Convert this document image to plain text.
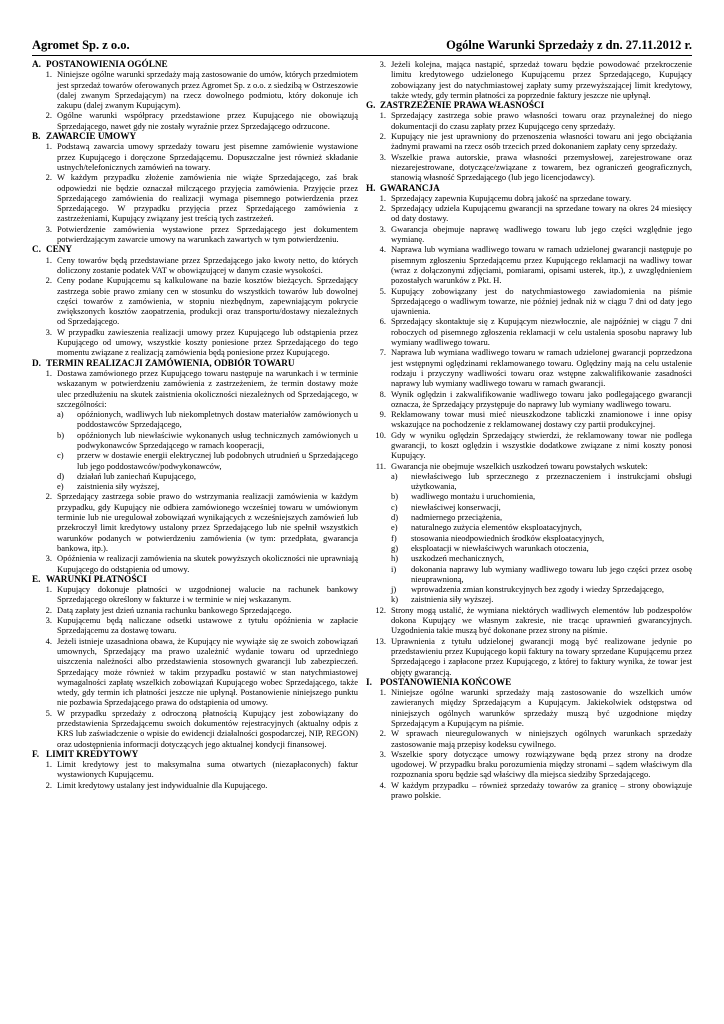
Agromet Sp. z o.o.	Ogólne Warunki Sprzedaży z dn. 27.11.2012 r.
A. POSTANOWIENIA OGÓLNE
1. Niniejsze ogólne warunki sprzedaży mają zastosowanie do umów, których przedmiotem jest sprzedaż towarów oferowanych przez Agromet Sp. z o.o. z siedzibą w Ostrzeszowie (dalej zwanym Sprzedającym) na rzecz dowolnego podmiotu, który dokonuje ich zakupu (dalej zwanym Kupującym).
2. Ogólne warunki współpracy przedstawione przez Kupującego nie obowiązują Sprzedającego, nawet gdy nie zostały wyraźnie przez Sprzedającego odrzucone.
B. ZAWARCIE UMOWY
1. Podstawą zawarcia umowy sprzedaży towaru jest pisemne zamówienie wystawione przez Kupującego i doręczone Sprzedającemu. Dopuszczalne jest również składanie ustnych/telefonicznych zamówień na towary.
2. W każdym przypadku złożenie zamówienia nie wiąże Sprzedającego, zaś brak odpowiedzi nie będzie oznaczał milczącego przyjęcia zamówienia. Przyjęcie przez Sprzedającego zamówienia do realizacji wymaga pisemnego potwierdzenia przez Sprzedającego. W przypadku przyjęcia przez Sprzedającego zamówienia z zastrzeżeniami, Kupujący związany jest treścią tych zastrzeżeń.
3. Potwierdzenie zamówienia wystawione przez Sprzedającego jest dokumentem potwierdzającym zawarcie umowy na warunkach zawartych w tym potwierdzeniu.
C. CENY
1. Ceny towarów będą przedstawiane przez Sprzedającego jako kwoty netto, do których doliczony zostanie podatek VAT w obowiązującej w danym czasie wysokości.
2. Ceny podane Kupującemu są kalkulowane na bazie kosztów bieżących. Sprzedający zastrzega sobie prawo zmiany cen w stosunku do wszystkich towarów lub dowolnej części towarów z zamówienia, w stopniu niezbędnym, zapewniającym pokrycie zwiększonych kosztów zaopatrzenia, produkcji oraz transportu/dostawy niezależnych od Sprzedającego.
3. W przypadku zawieszenia realizacji umowy przez Kupującego lub odstąpienia przez Kupującego od umowy, wszystkie koszty poniesione przez Sprzedającego do tego momentu związane z realizacją zamówienia będą poniesione przez Kupującego.
D. TERMIN REALIZACJI ZAMÓWIENIA, ODBIÓR TOWARU
1. Dostawa zamówionego przez Kupującego towaru następuje na warunkach i w terminie wskazanym w potwierdzeniu zamówienia z zastrzeżeniem, że termin dostawy może ulec przedłużeniu na skutek zaistnienia okoliczności niezależnych od Sprzedającego, w szczególności:
a)	opóźnionych, wadliwych lub niekompletnych dostaw materiałów zamówionych u poddostawców Sprzedającego,
b)	opóźnionych lub niewłaściwie wykonanych usług technicznych zamówionych u podwykonawców Sprzedającego w ramach kooperacji,
c)	przerw w dostawie energii elektrycznej lub podobnych utrudnień u Sprzedającego lub jego poddostawców/podwykonawców,
d)	działań lub zaniechań Kupującego,
e)	zaistnienia siły wyższej,
2. Sprzedający zastrzega sobie prawo do wstrzymania realizacji zamówienia w każdym przypadku, gdy Kupujący nie odbiera zamówionego wcześniej towaru w umówionym terminie lub nie uregulował zobowiązań wynikających z wcześniejszych zamówień lub przekroczył limit kredytowy ustalony przez Sprzedającego lub nie spełnił wszystkich warunków podanych w potwierdzeniu zamówienia (w tym: przedpłata, gwarancja bankowa, itp.).
3. Opóźnienia w realizacji zamówienia na skutek powyższych okoliczności nie uprawniają Kupującego do odstąpienia od umowy.
E. WARUNKI PŁATNOŚCI
1. Kupujący dokonuje płatności w uzgodnionej walucie na rachunek bankowy Sprzedającego określony w fakturze i w terminie w niej wskazanym.
2. Datą zapłaty jest dzień uznania rachunku bankowego Sprzedającego.
3. Kupującemu będą naliczane odsetki ustawowe z tytułu opóźnienia w zapłacie Sprzedającemu za dostawę towaru.
4. Jeżeli istnieje uzasadniona obawa, że Kupujący nie wywiąże się ze swoich zobowiązań umownych, Sprzedający ma prawo uzależnić wydanie towaru od uprzedniego uiszczenia należności albo przedstawienia stosownych gwarancji lub zabezpieczeń. Sprzedający może również w takim przypadku postawić w stan natychmiastowej wymagalności zapłatę wszelkich zobowiązań Kupującego wobec Sprzedającego, także wtedy, gdy termin ich płatności jeszcze nie upłynął. Postanowienie niniejszego punktu nie pozbawia Sprzedającego prawa do odstąpienia od umowy.
5. W przypadku sprzedaży z odroczoną płatnością Kupujący jest zobowiązany do przedstawienia Sprzedającemu swoich dokumentów rejestracyjnych (aktualny odpis z KRS lub zaświadczenie o wpisie do ewidencji działalności gospodarczej, NIP, REGON) oraz udostępnienia informacji dotyczących jego aktualnej kondycji finansowej.
F. LIMIT KREDYTOWY
1. Limit kredytowy jest to maksymalna suma otwartych (niezapłaconych) faktur wystawionych Kupującemu.
2. Limit kredytowy ustalany jest indywidualnie dla Kupującego.
3. Jeżeli kolejna, mająca nastąpić, sprzedaż towaru będzie powodować przekroczenie limitu kredytowego udzielonego Kupującemu przez Sprzedającego, Kupujący zobowiązany jest do natychmiastowej zapłaty sumy przewyższającej limit kredytowy, także wtedy, gdy termin płatności za poprzednie faktury jeszcze nie upłynął.
G. ZASTRZEŻENIE PRAWA WŁASNOŚCI
1. Sprzedający zastrzega sobie prawo własności towaru oraz przynależnej do niego dokumentacji do czasu zapłaty przez Kupującego ceny sprzedaży.
2. Kupujący nie jest uprawniony do przenoszenia własności towaru ani jego obciążania żadnymi prawami na rzecz osób trzecich przed dokonaniem zapłaty ceny sprzedaży.
3. Wszelkie prawa autorskie, prawa własności przemysłowej, zarejestrowane oraz niezarejestrowane, dotyczące/związane z towarem, bez ograniczeń geograficznych, stanowią własność Sprzedającego (lub jego licencjodawcy).
H. GWARANCJA
1. Sprzedający zapewnia Kupującemu dobrą jakość na sprzedane towary.
2. Sprzedający udziela Kupującemu gwarancji na sprzedane towary na okres 24 miesięcy od daty dostawy.
3. Gwarancja obejmuje naprawę wadliwego towaru lub jego części względnie jego wymianę.
4. Naprawa lub wymiana wadliwego towaru w ramach udzielonej gwarancji następuje po pisemnym zgłoszeniu Sprzedającemu przez Kupującego reklamacji na wadliwy towar (wraz z dołączonymi zdjęciami, pomiarami, opisami usterek, itp.), z uwzględnieniem pozostałych warunków z Pkt. H.
5. Kupujący zobowiązany jest do natychmiastowego zawiadomienia na piśmie Sprzedającego o wadliwym towarze, nie później jednak niż w ciągu 7 dni od daty jego ujawnienia.
6. Sprzedający skontaktuje się z Kupującym niezwłocznie, ale najpóźniej w ciągu 7 dni roboczych od pisemnego zgłoszenia reklamacji w celu ustalenia sposobu naprawy lub wymiany wadliwego towaru.
7. Naprawa lub wymiana wadliwego towaru w ramach udzielonej gwarancji poprzedzona jest wstępnymi oględzinami reklamowanego towaru. Oględziny mają na celu ustalenie rodzaju i przyczyny wadliwości towaru oraz wstępne zakwalifikowanie zasadności naprawy lub wymiany wadliwego towaru w ramach gwarancji.
8. Wynik oględzin i zakwalifikowanie wadliwego towaru jako podlegającego gwarancji oznacza, że Sprzedający przystępuje do naprawy lub wymiany wadliwego towaru.
9. Reklamowany towar musi mieć nieuszkodzone tabliczki znamionowe i inne opisy wskazujące na pochodzenie z reklamowanej dostawy czy partii produkcyjnej.
10. Gdy w wyniku oględzin Sprzedający stwierdzi, że reklamowany towar nie podlega gwarancji, to koszt oględzin i wszystkie dodatkowe związane z nimi koszty ponosi Kupujący.
11. Gwarancja nie obejmuje wszelkich uszkodzeń towaru powstałych wskutek:
a)	niewłaściwego lub sprzecznego z przeznaczeniem i instrukcjami obsługi użytkowania,
b)	wadliwego montażu i uruchomienia,
c)	niewłaściwej konserwacji,
d)	nadmiernego przeciążenia,
e)	naturalnego zużycia elementów eksploatacyjnych,
f)	stosowania nieodpowiednich środków eksploatacyjnych,
g)	eksploatacji w niewłaściwych warunkach otoczenia,
h)	uszkodzeń mechanicznych,
i)	dokonania naprawy lub wymiany wadliwego towaru lub jego części przez osobę nieuprawnioną,
j)	wprowadzenia zmian konstrukcyjnych bez zgody i wiedzy Sprzedającego,
k)	zaistnienia siły wyższej.
12. Strony mogą ustalić, że wymiana niektórych wadliwych elementów lub podzespołów dokona Kupujący we własnym zakresie, nie tracąc uprawnień gwarancyjnych. Uzgodnienia takie muszą być dokonane przez strony na piśmie.
13. Uprawnienia z tytułu udzielonej gwarancji mogą być realizowane jedynie po przedstawieniu przez Kupującego kopii faktury na towary sprzedane Kupującemu przez Sprzedającego i zapłacone przez Kupującego, z której to faktury wynika, że towar jest objęty gwarancją.
I. POSTANOWIENIA KOŃCOWE
1. Niniejsze ogólne warunki sprzedaży mają zastosowanie do wszelkich umów zawieranych między Sprzedającym a Kupującym. Jakiekolwiek odstępstwa od niniejszych ogólnych warunków sprzedaży muszą być uzgodnione między Sprzedającym a Kupującym na piśmie.
2. W sprawach nieuregulowanych w niniejszych ogólnych warunkach sprzedaży zastosowanie mają przepisy kodeksu cywilnego.
3. Wszelkie spory dotyczące umowy rozwiązywane będą przez strony na drodze ugodowej. W przypadku braku porozumienia między stronami – sądem właściwym dla rozpoznania sporu będzie sąd właściwy dla miejsca siedziby Sprzedającego.
4. W każdym przypadku – również sprzedaży towarów za granicę – strony obowiązuje prawo polskie.
